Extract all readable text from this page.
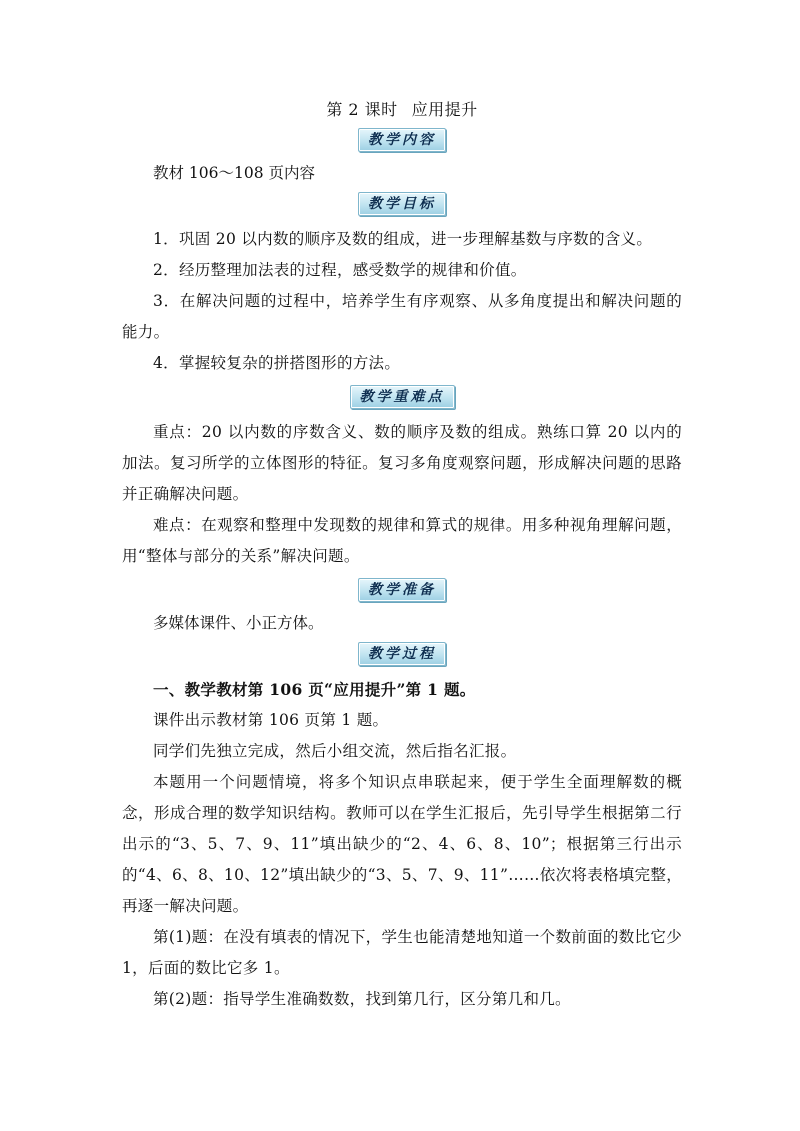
第 2 课时 应用提升
教学内容

教材 106～108 页内容

教学目标

1．巩固 20 以内数的顺序及数的组成，进一步理解基数与序数的含义。

2．经历整理加法表的过程，感受数学的规律和价值。

3．在解决问题的过程中，培养学生有序观察、从多角度提出和解决问题的能力。

4．掌握较复杂的拼搭图形的方法。

教学重难点

重点：20 以内数的序数含义、数的顺序及数的组成。熟练口算 20 以内的加法。复习所学的立体图形的特征。复习多角度观察问题，形成解决问题的思路并正确解决问题。

难点：在观察和整理中发现数的规律和算式的规律。用多种视角理解问题，用“整体与部分的关系”解决问题。

教学准备

多媒体课件、小正方体。

教学过程

一、教学教材第 106 页“应用提升”第 1 题。

课件出示教材第 106 页第 1 题。

同学们先独立完成，然后小组交流，然后指名汇报。

本题用一个问题情境，将多个知识点串联起来，便于学生全面理解数的概念，形成合理的数学知识结构。教师可以在学生汇报后，先引导学生根据第二行出示的“3、5、7、9、11”填出缺少的“2、4、6、8、10”；根据第三行出示的“4、6、8、10、12”填出缺少的“3、5、7、9、11”……依次将表格填完整，再逐一解决问题。

第(1)题：在没有填表的情况下，学生也能清楚地知道一个数前面的数比它少 1，后面的数比它多 1。

第(2)题：指导学生准确数数，找到第几行，区分第几和几。
